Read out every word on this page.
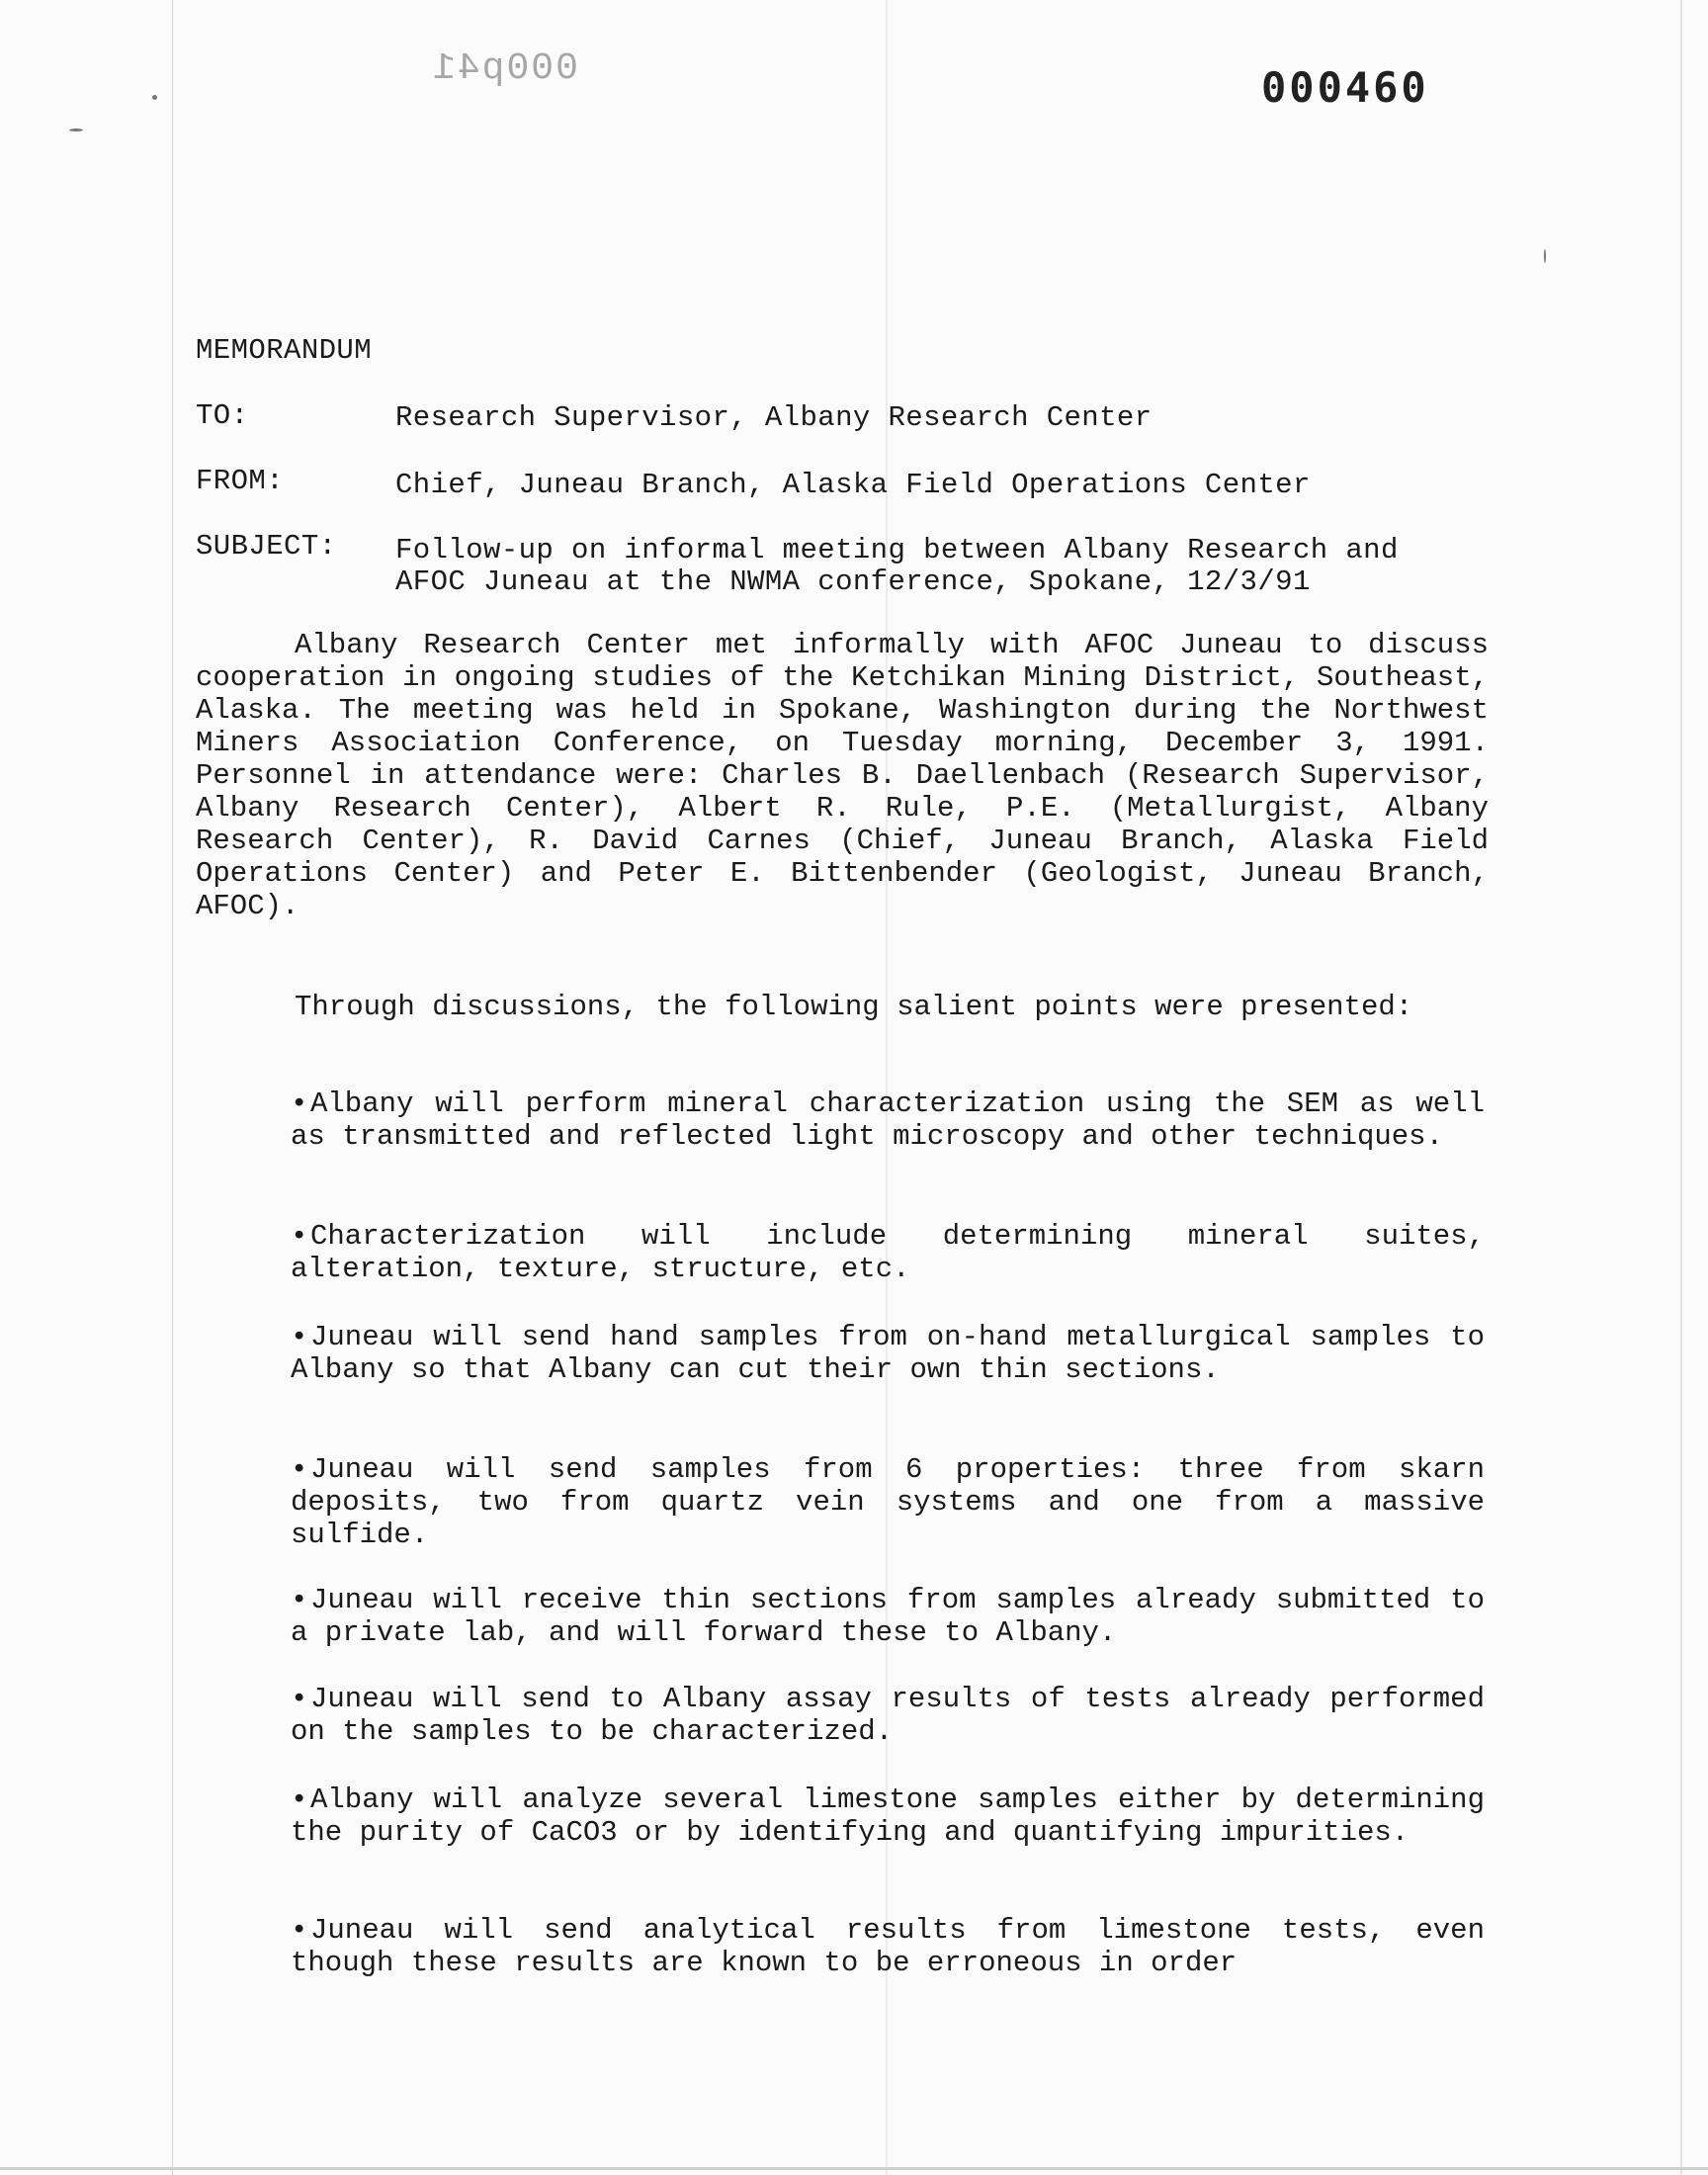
000p41	000460
MEMORANDUM
TO:	Research Supervisor, Albany Research Center
FROM:	Chief, Juneau Branch, Alaska Field Operations Center
SUBJECT: Follow-up on informal meeting between Albany Research and
AFOC Juneau at the NWMA conference, Spokane, 12/3/91
Albany Research Center met informally with AFOC Juneau to discuss cooperation in ongoing studies of the Ketchikan Mining District, Southeast, Alaska. The meeting was held in Spokane, Washington during the Northwest Miners Association Conference, on Tuesday morning, December 3, 1991. Personnel in attendance were: Charles B. Daellenbach (Research Supervisor, Albany Research Center), Albert R. Rule, P.E. (Metallurgist, Albany Research Center), R. David Carnes (Chief, Juneau Branch, Alaska Field Operations Center) and Peter E. Bittenbender (Geologist, Juneau Branch, AFOC).
Through discussions, the following salient points were presented:
•Albany will perform mineral characterization using the SEM as well as transmitted and reflected light microscopy and other techniques.
•Characterization will include determining mineral suites, alteration, texture, structure, etc.
•Juneau will send hand samples from on-hand metallurgical samples to Albany so that Albany can cut their own thin sections.
•Juneau will send samples from 6 properties: three from skarn deposits, two from quartz vein systems and one from a massive sulfide.
•Juneau will receive thin sections from samples already submitted to a private lab, and will forward these to Albany.
•Juneau will send to Albany assay results of tests already performed on the samples to be characterized.
•Albany will analyze several limestone samples either by determining the purity of CaCO3 or by identifying and quantifying impurities.
•Juneau will send analytical results from limestone tests, even though these results are known to be erroneous in order
